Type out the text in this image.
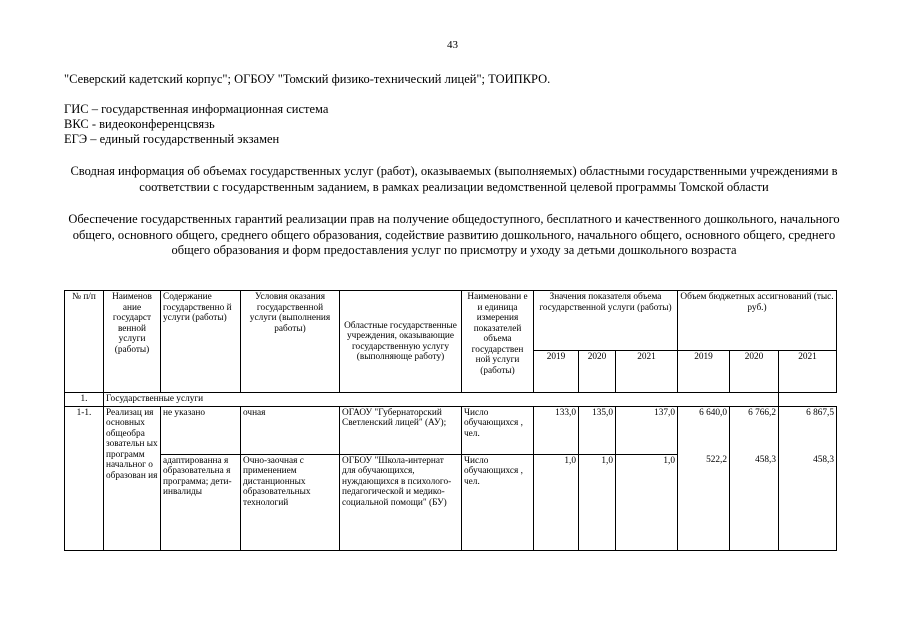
43
"Северский кадетский корпус"; ОГБОУ "Томский физико-технический лицей"; ТОИПКРО.
ГИС – государственная информационная система
ВКС - видеоконференцсвязь
ЕГЭ – единый государственный экзамен
Сводная информация об объемах государственных услуг (работ), оказываемых (выполняемых) областными государственными учреждениями в соответствии с государственным заданием, в рамках реализации ведомственной целевой программы Томской области
Обеспечение государственных гарантий реализации прав на получение общедоступного, бесплатного и качественного дошкольного, начального общего, основного общего, среднего общего образования, содействие развитию дошкольного, начального общего, основного общего, среднего общего образования и форм предоставления услуг по присмотру и уходу за детьми дошкольного возраста
№ п/п	Наименов ание государст венной услуги (работы)	Содержание государственно й услуги (работы)	Условия оказания государственной услуги (выполнения работы)	Областные государственные учреждения, оказывающие государственную услугу (выполняюще работу)	Наименовани е и единица измерения показателей объема государствен ной услуги (работы)	Значения показателя объема государственной услуги (работы)			Объем бюджетных ассигнований (тыс. руб.)		
						2019	2020	2021	2019	2020	2021
1.	Государственные услуги										
1-1.	Реализац ия основных общеобра зовательн ых программ начальног о образован ия	не указано	очная	ОГАОУ "Губернаторский Светленский лицей" (АУ);	Число обучающихся , чел.	133,0	135,0	137,0	6 640,0	6 766,2	6 867,5
		адаптированна я образовательна я программа; дети-инвалиды	Очно-заочная с применением дистанционных образовательных технологий	ОГБОУ "Школа-интернат для обучающихся, нуждающихся в психолого-педагогической и медико-социальной помощи" (БУ)	Число обучающихся , чел.	1,0	1,0	1,0	522,2	458,3	458,3
